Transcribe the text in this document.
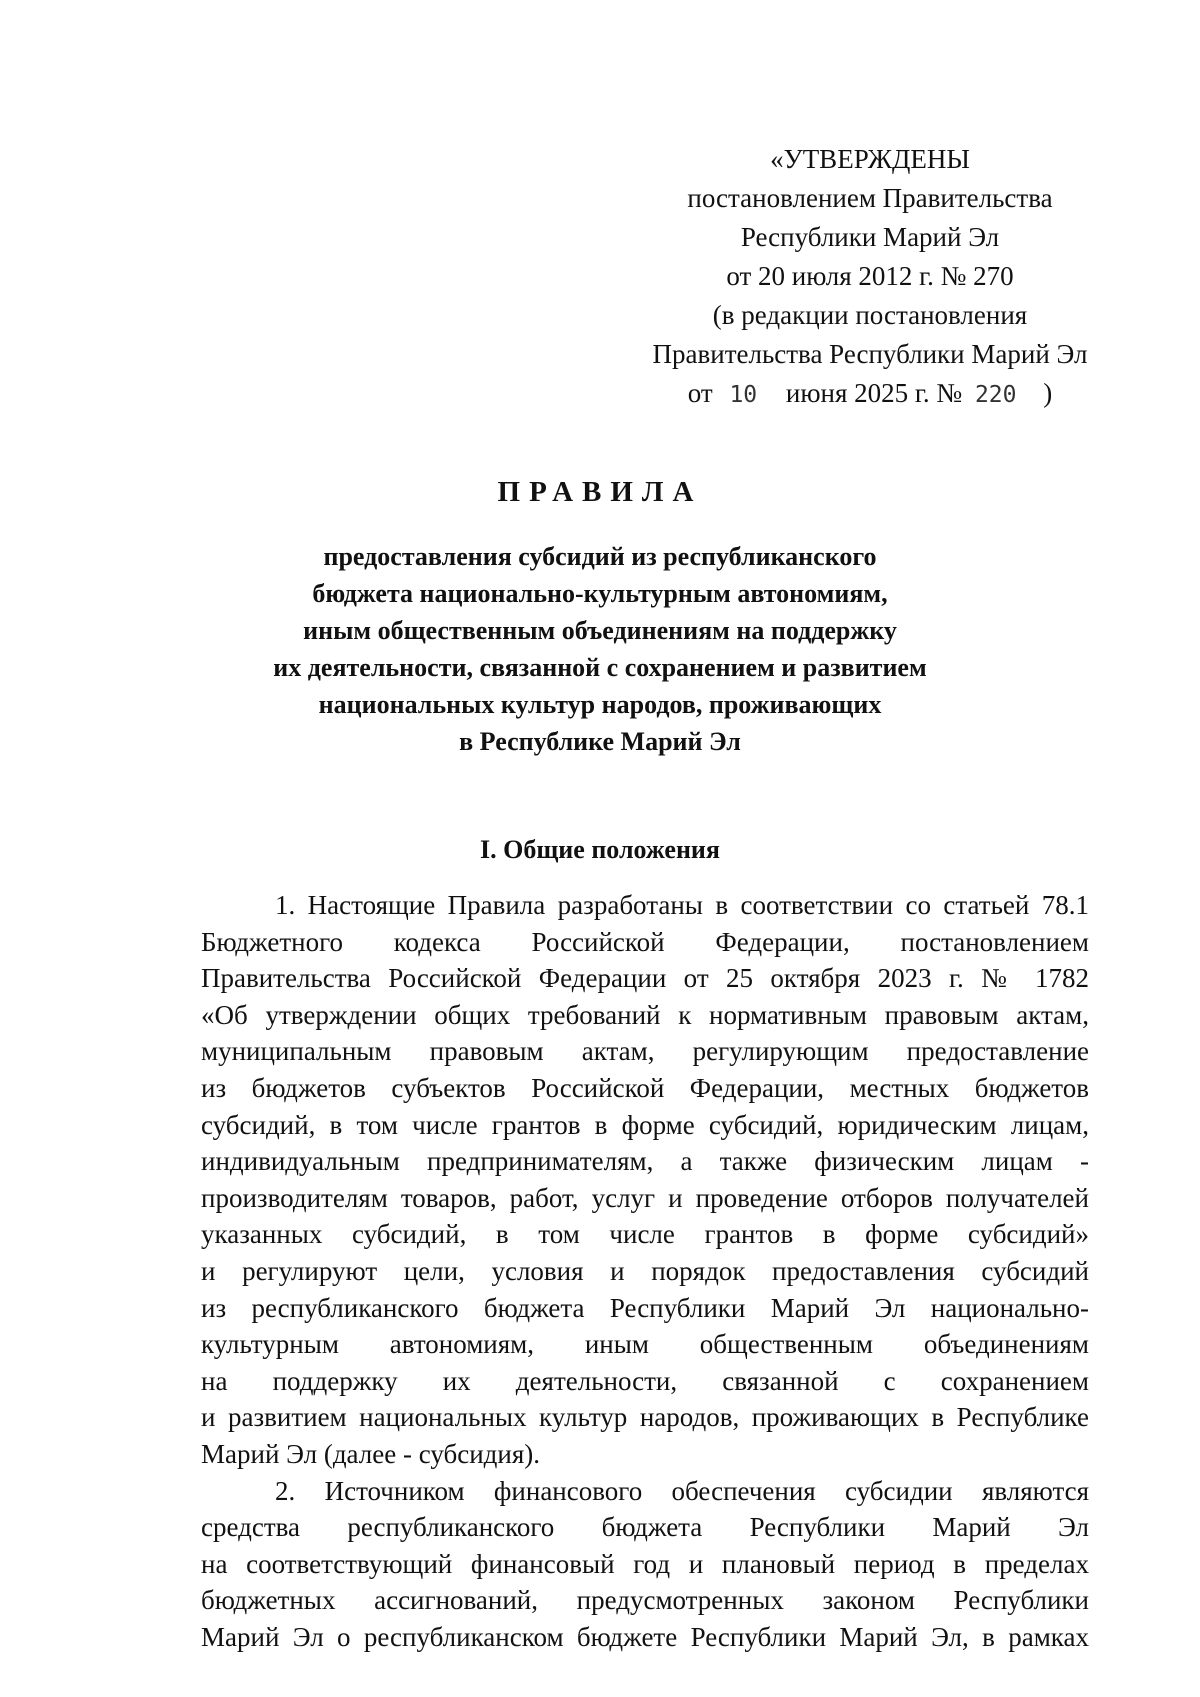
«УТВЕРЖДЕНЫ
постановлением Правительства
Республики Марий Эл
от 20 июля 2012 г. № 270
(в редакции постановления
Правительства Республики Марий Эл
от 10 июня 2025 г. № 220 )
ПРАВИЛА
предоставления субсидий из республиканского
бюджета национально-культурным автономиям,
иным общественным объединениям на поддержку
их деятельности, связанной с сохранением и развитием
национальных культур народов, проживающих
в Республике Марий Эл
I. Общие положения
1. Настоящие Правила разработаны в соответствии со статьей 78.1
Бюджетного кодекса Российской Федерации, постановлением
Правительства Российской Федерации от 25 октября 2023 г. № 1782
«Об утверждении общих требований к нормативным правовым актам,
муниципальным правовым актам, регулирующим предоставление
из бюджетов субъектов Российской Федерации, местных бюджетов
субсидий, в том числе грантов в форме субсидий, юридическим лицам,
индивидуальным предпринимателям, а также физическим лицам -
производителям товаров, работ, услуг и проведение отборов получателей
указанных субсидий, в том числе грантов в форме субсидий»
и регулируют цели, условия и порядок предоставления субсидий
из республиканского бюджета Республики Марий Эл национально-
культурным автономиям, иным общественным объединениям
на поддержку их деятельности, связанной с сохранением
и развитием национальных культур народов, проживающих в Республике
Марий Эл (далее - субсидия).
2. Источником финансового обеспечения субсидии являются
средства республиканского бюджета Республики Марий Эл
на соответствующий финансовый год и плановый период в пределах
бюджетных ассигнований, предусмотренных законом Республики
Марий Эл о республиканском бюджете Республики Марий Эл, в рамках
